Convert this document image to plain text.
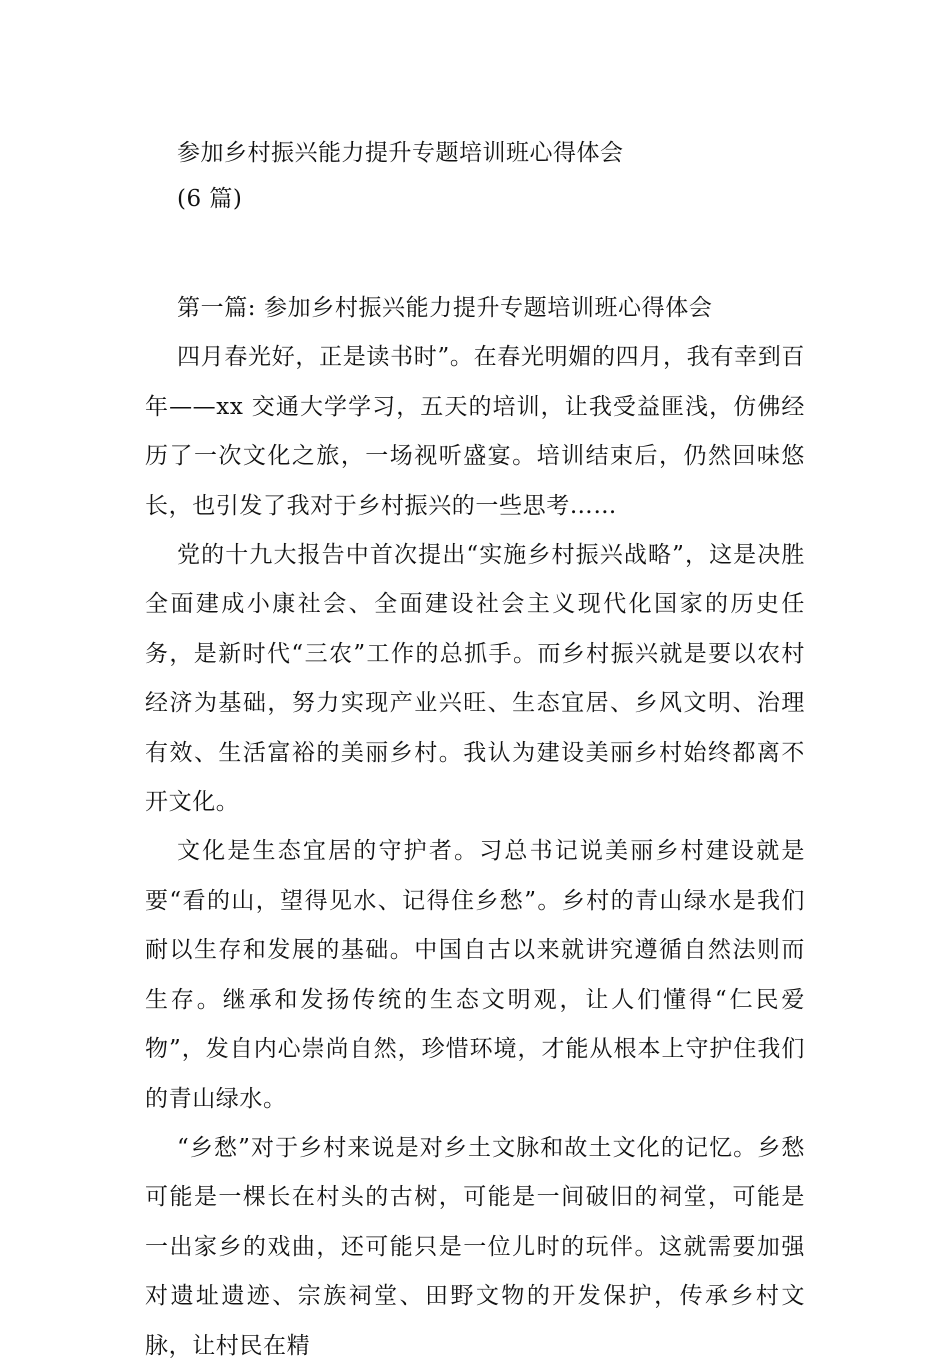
参加乡村振兴能力提升专题培训班心得体会
(6 篇)

第一篇: 参加乡村振兴能力提升专题培训班心得体会

四月春光好，正是读书时”。在春光明媚的四月，我有幸到百年——xx 交通大学学习，五天的培训，让我受益匪浅，仿佛经历了一次文化之旅，一场视听盛宴。培训结束后，仍然回味悠长，也引发了我对于乡村振兴的一些思考……

党的十九大报告中首次提出“实施乡村振兴战略”，这是决胜全面建成小康社会、全面建设社会主义现代化国家的历史任务，是新时代“三农”工作的总抓手。而乡村振兴就是要以农村经济为基础，努力实现产业兴旺、生态宜居、乡风文明、治理有效、生活富裕的美丽乡村。我认为建设美丽乡村始终都离不开文化。

文化是生态宜居的守护者。习总书记说美丽乡村建设就是要“看的山，望得见水、记得住乡愁”。乡村的青山绿水是我们耐以生存和发展的基础。中国自古以来就讲究遵循自然法则而生存。继承和发扬传统的生态文明观，让人们懂得“仁民爱物”，发自内心崇尚自然，珍惜环境，才能从根本上守护住我们的青山绿水。

“乡愁”对于乡村来说是对乡土文脉和故土文化的记忆。乡愁可能是一棵长在村头的古树，可能是一间破旧的祠堂，可能是一出家乡的戏曲，还可能只是一位儿时的玩伴。这就需要加强对遗址遗迹、宗族祠堂、田野文物的开发保护，传承乡村文脉，让村民在精
